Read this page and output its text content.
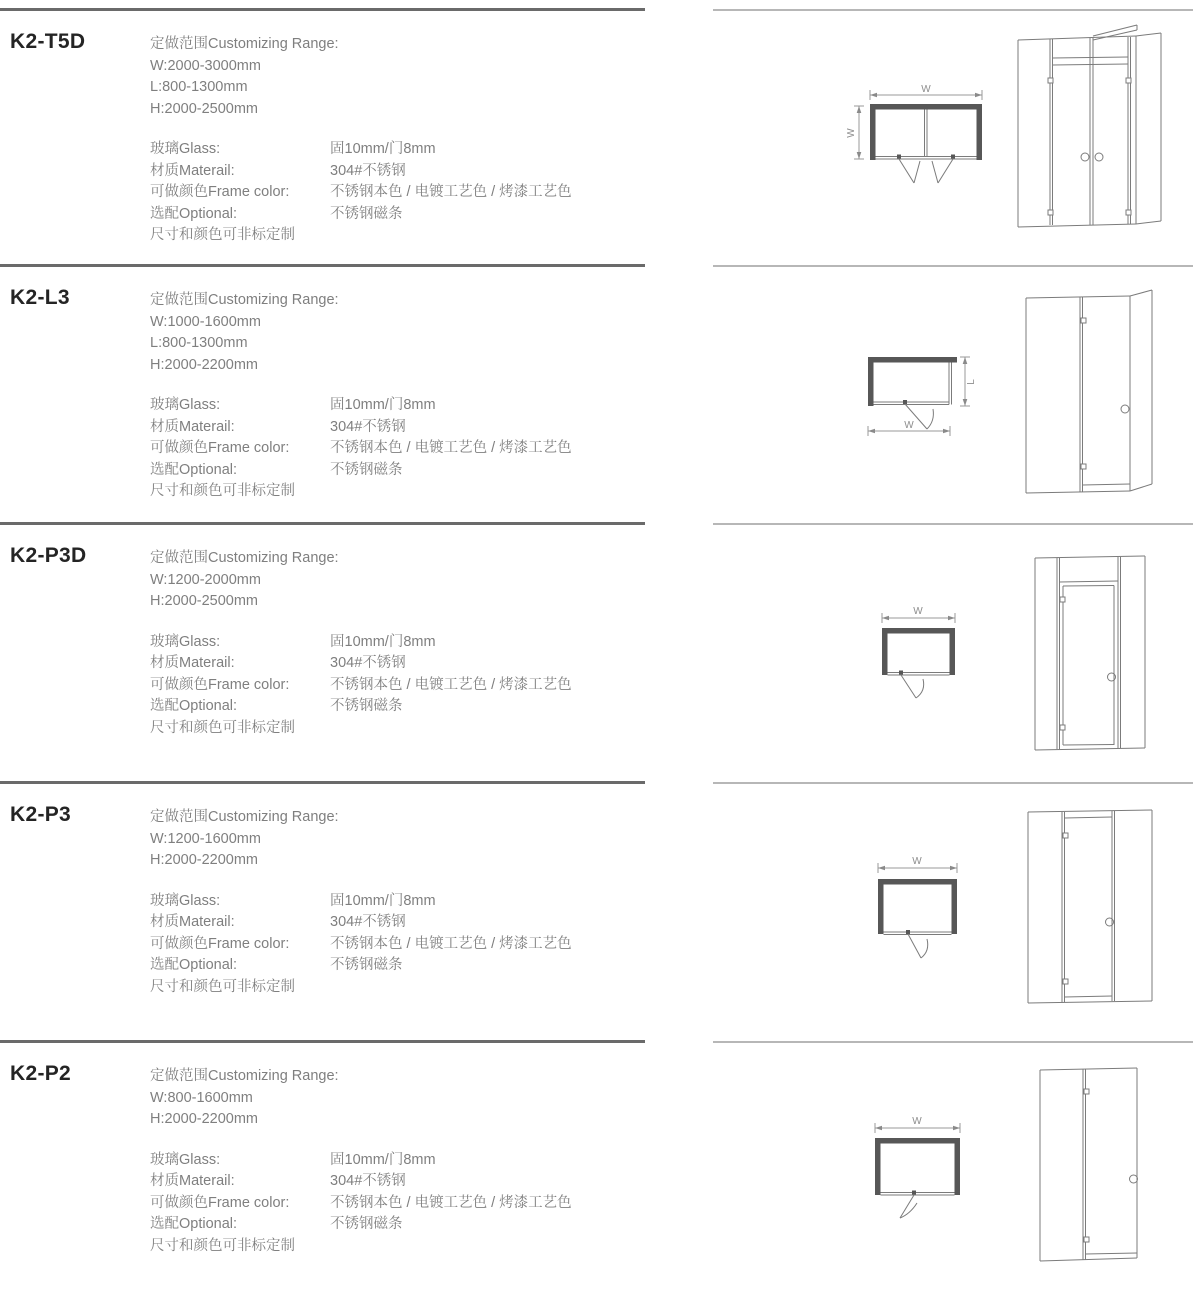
K2-T5D	定做范围Customizing Range:
W:2000-3000mm
L:800-1300mm
H:2000-2500mm
玻璃Glass:	固10mm/门8mm
材质Materail:	304#不锈钢
可做颜色Frame color:	不锈钢本色 / 电镀工艺色 / 烤漆工艺色
选配Optional:	不锈钢磁条
尺寸和颜色可非标定制
W
W
K2-L3	定做范围Customizing Range:
W:1000-1600mm
L:800-1300mm
H:2000-2200mm
玻璃Glass:	固10mm/门8mm
材质Materail:	304#不锈钢
可做颜色Frame color:	不锈钢本色 / 电镀工艺色 / 烤漆工艺色
选配Optional:	不锈钢磁条
尺寸和颜色可非标定制
L
W
K2-P3D	定做范围Customizing Range:
W:1200-2000mm
H:2000-2500mm
玻璃Glass:	固10mm/门8mm
材质Materail:	304#不锈钢
可做颜色Frame color:	不锈钢本色 / 电镀工艺色 / 烤漆工艺色
选配Optional:	不锈钢磁条
尺寸和颜色可非标定制
W
K2-P3	定做范围Customizing Range:
W:1200-1600mm
H:2000-2200mm
玻璃Glass:	固10mm/门8mm
材质Materail:	304#不锈钢
可做颜色Frame color:	不锈钢本色 / 电镀工艺色 / 烤漆工艺色
选配Optional:	不锈钢磁条
尺寸和颜色可非标定制
W
K2-P2	定做范围Customizing Range:
W:800-1600mm
H:2000-2200mm
玻璃Glass:	固10mm/门8mm
材质Materail:	304#不锈钢
可做颜色Frame color:	不锈钢本色 / 电镀工艺色 / 烤漆工艺色
选配Optional:	不锈钢磁条
尺寸和颜色可非标定制
W
